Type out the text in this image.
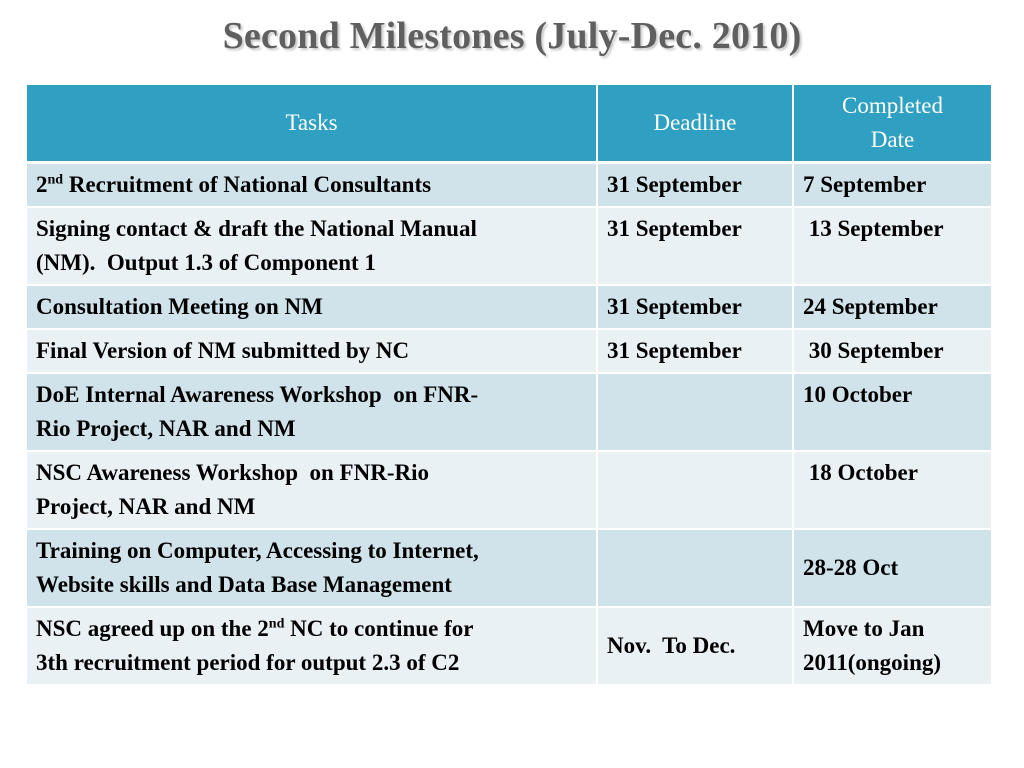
Second Milestones (July-Dec. 2010)
Tasks	Deadline	Completed
Date
2nd Recruitment of National Consultants	31 September	7 September
Signing contact & draft the National Manual
(NM).  Output 1.3 of Component 1	31 September	13 September
Consultation Meeting on NM	31 September	24 September
Final Version of NM submitted by NC	31 September	30 September
DoE Internal Awareness Workshop  on FNR-
Rio Project, NAR and NM		10 October
NSC Awareness Workshop  on FNR-Rio
Project, NAR and NM		18 October
Training on Computer, Accessing to Internet,
Website skills and Data Base Management		28-28 Oct
NSC agreed up on the 2nd NC to continue for
3th recruitment period for output 2.3 of C2	Nov.  To Dec.	Move to Jan
2011(ongoing)
